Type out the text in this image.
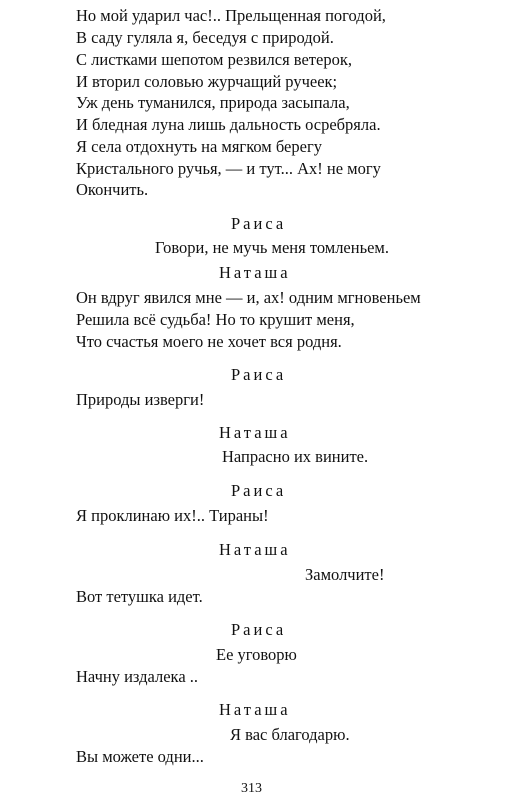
Но мой ударил час!.. Прельщенная погодой,
В саду гуляла я, беседуя с природой.
С листками шепотом резвился ветерок,
И вторил соловью журчащий ручеек;
Уж день туманился, природа засыпала,
И бледная луна лишь дальность осребряла.
Я села отдохнуть на мягком берегу
Кристального ручья, — и тут... Ах! не могу
Окончить.
Раиса
Говори, не мучь меня томленьем.
Наташа
Он вдруг явился мне — и, ах! одним мгновеньем
Решила всё судьба! Но то крушит меня,
Что счастья моего не хочет вся родня.
Раиса
Природы изверги!
Наташа
Напрасно их вините.
Раиса
Я проклинаю их!.. Тираны!
Наташа
Замолчите!
Вот тетушка идет.
Раиса
Ее уговорю
Начну издалека ..
Наташа
Я вас благодарю.
Вы можете одни...
313
